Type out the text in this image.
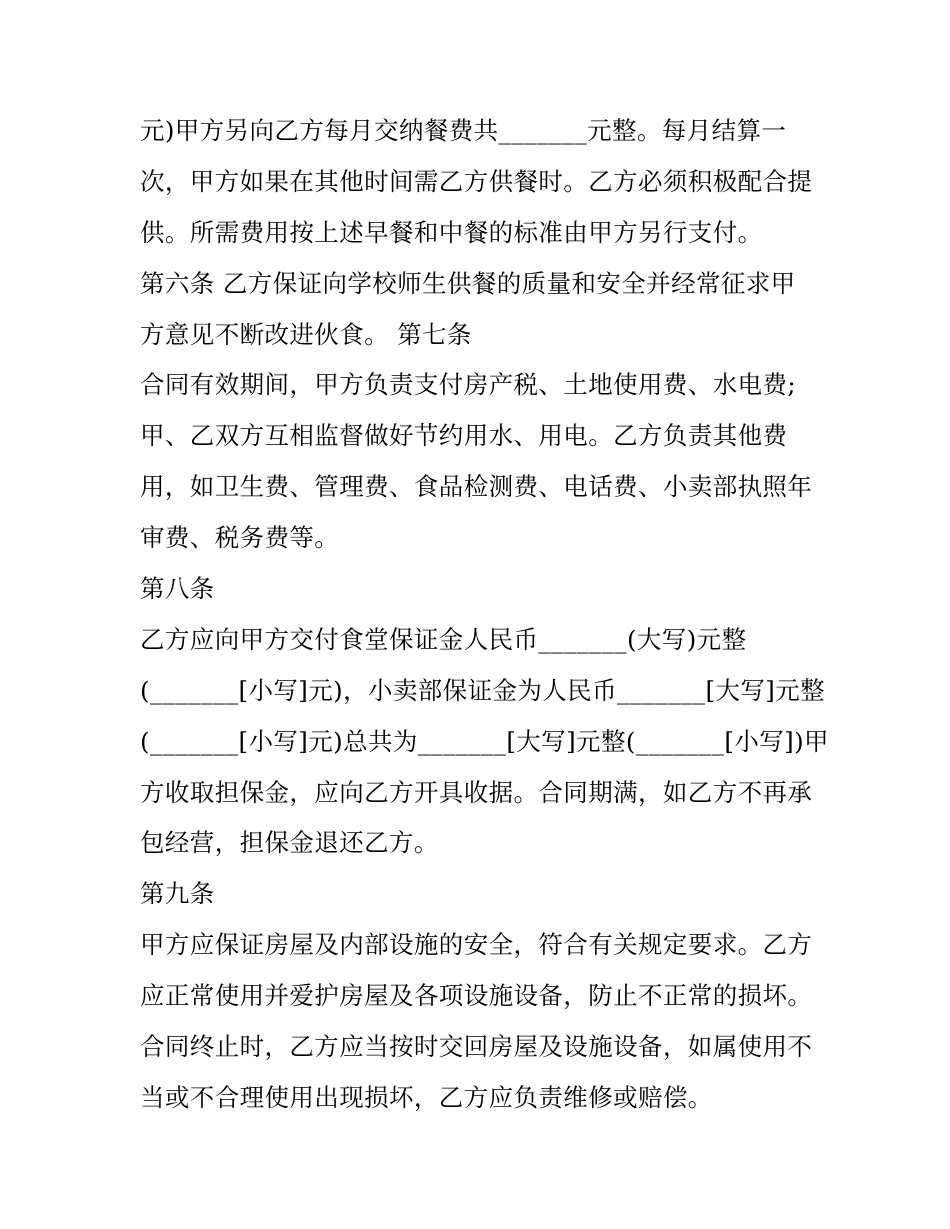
元)甲方另向乙方每月交纳餐费共_______元整。每月结算一
次，甲方如果在其他时间需乙方供餐时。乙方必须积极配合提
供。所需费用按上述早餐和中餐的标准由甲方另行支付。
第六条 乙方保证向学校师生供餐的质量和安全并经常征求甲
方意见不断改进伙食。 第七条
合同有效期间，甲方负责支付房产税、土地使用费、水电费;
甲、乙双方互相监督做好节约用水、用电。乙方负责其他费
用，如卫生费、管理费、食品检测费、电话费、小卖部执照年
审费、税务费等。
第八条
乙方应向甲方交付食堂保证金人民币_______(大写)元整
(_______[小写]元)，小卖部保证金为人民币_______[大写]元整
(_______[小写]元)总共为_______[大写]元整(_______[小写])甲
方收取担保金，应向乙方开具收据。合同期满，如乙方不再承
包经营，担保金退还乙方。
第九条
甲方应保证房屋及内部设施的安全，符合有关规定要求。乙方
应正常使用并爱护房屋及各项设施设备，防止不正常的损坏。
合同终止时，乙方应当按时交回房屋及设施设备，如属使用不
当或不合理使用出现损坏，乙方应负责维修或赔偿。
